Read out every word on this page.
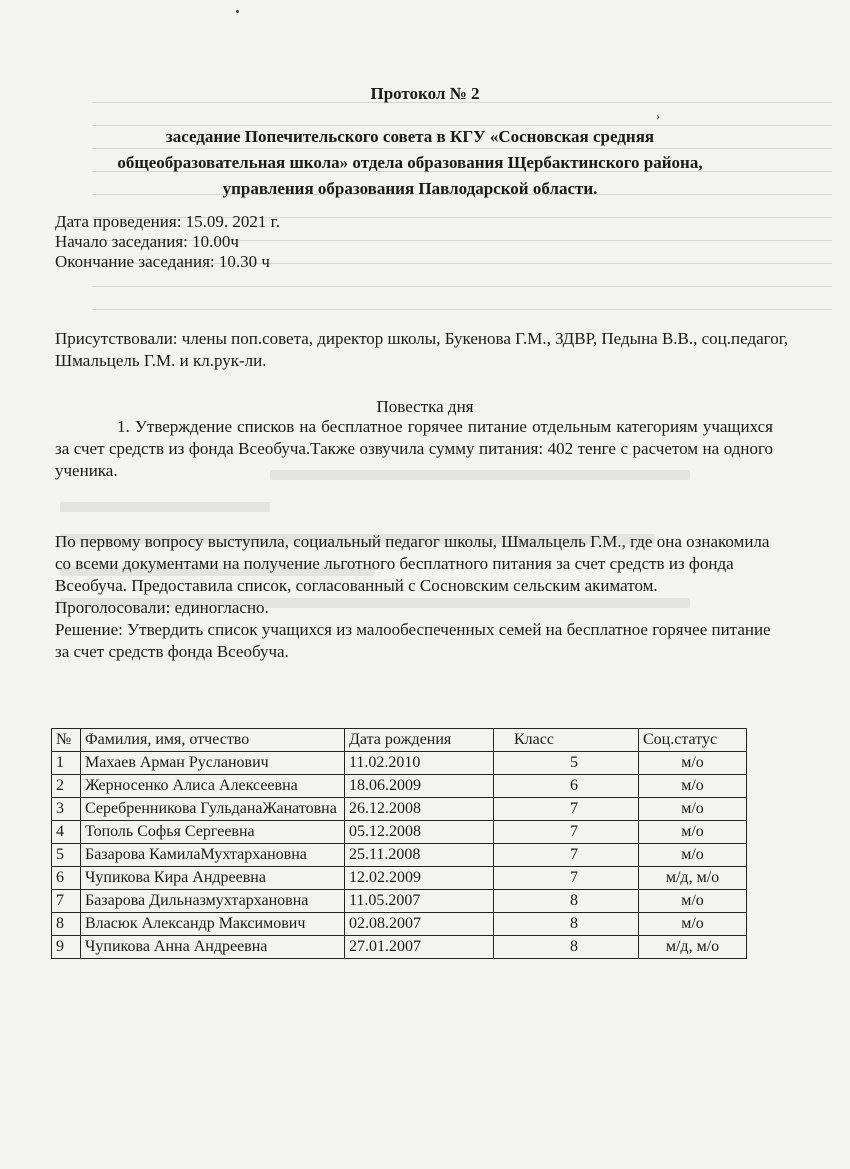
›
Протокол № 2
заседание Попечительского совета в КГУ «Сосновская средняя
общеобразовательная школа» отдела образования Щербактинского района,
управления образования Павлодарской области.
Дата проведения: 15.09. 2021 г.
Начало заседания: 10.00ч
Окончание заседания: 10.30 ч
Присутствовали: члены поп.совета, директор школы, Букенова Г.М., ЗДВР, Педына В.В., соц.педагог, Шмальцель Г.М. и кл.рук-ли.
Повестка дня
1. Утверждение списков на бесплатное горячее питание отдельным категориям учащихся за счет средств из фонда Всеобуча.Также озвучила сумму питания: 402 тенге с расчетом на одного ученика.

По первому вопросу выступила, социальный педагог школы, Шмальцель Г.М., где она ознакомила со всеми документами на получение льготного бесплатного питания за счет средств из фонда Всеобуча. Предоставила список, согласованный с Сосновским сельским акиматом.

Проголосовали: единогласно.

Решение: Утвердить список учащихся из малообеспеченных семей на бесплатное горячее питание за счет средств фонда Всеобуча.

№	Фамилия, имя, отчество	Дата рождения	Класс	Соц.статус
1	Махаев Арман Русланович	11.02.2010	5	м/о
2	Жерносенко Алиса Алексеевна	18.06.2009	6	м/о
3	Серебренникова ГульданаЖанатовна	26.12.2008	7	м/о
4	Тополь Софья Сергеевна	05.12.2008	7	м/о
5	Базарова КамилаМухтархановна	25.11.2008	7	м/о
6	Чупикова Кира Андреевна	12.02.2009	7	м/д, м/о
7	Базарова Дильназмухтархановна	11.05.2007	8	м/о
8	Власюк Александр Максимович	02.08.2007	8	м/о
9	Чупикова Анна Андреевна	27.01.2007	8	м/д, м/о
